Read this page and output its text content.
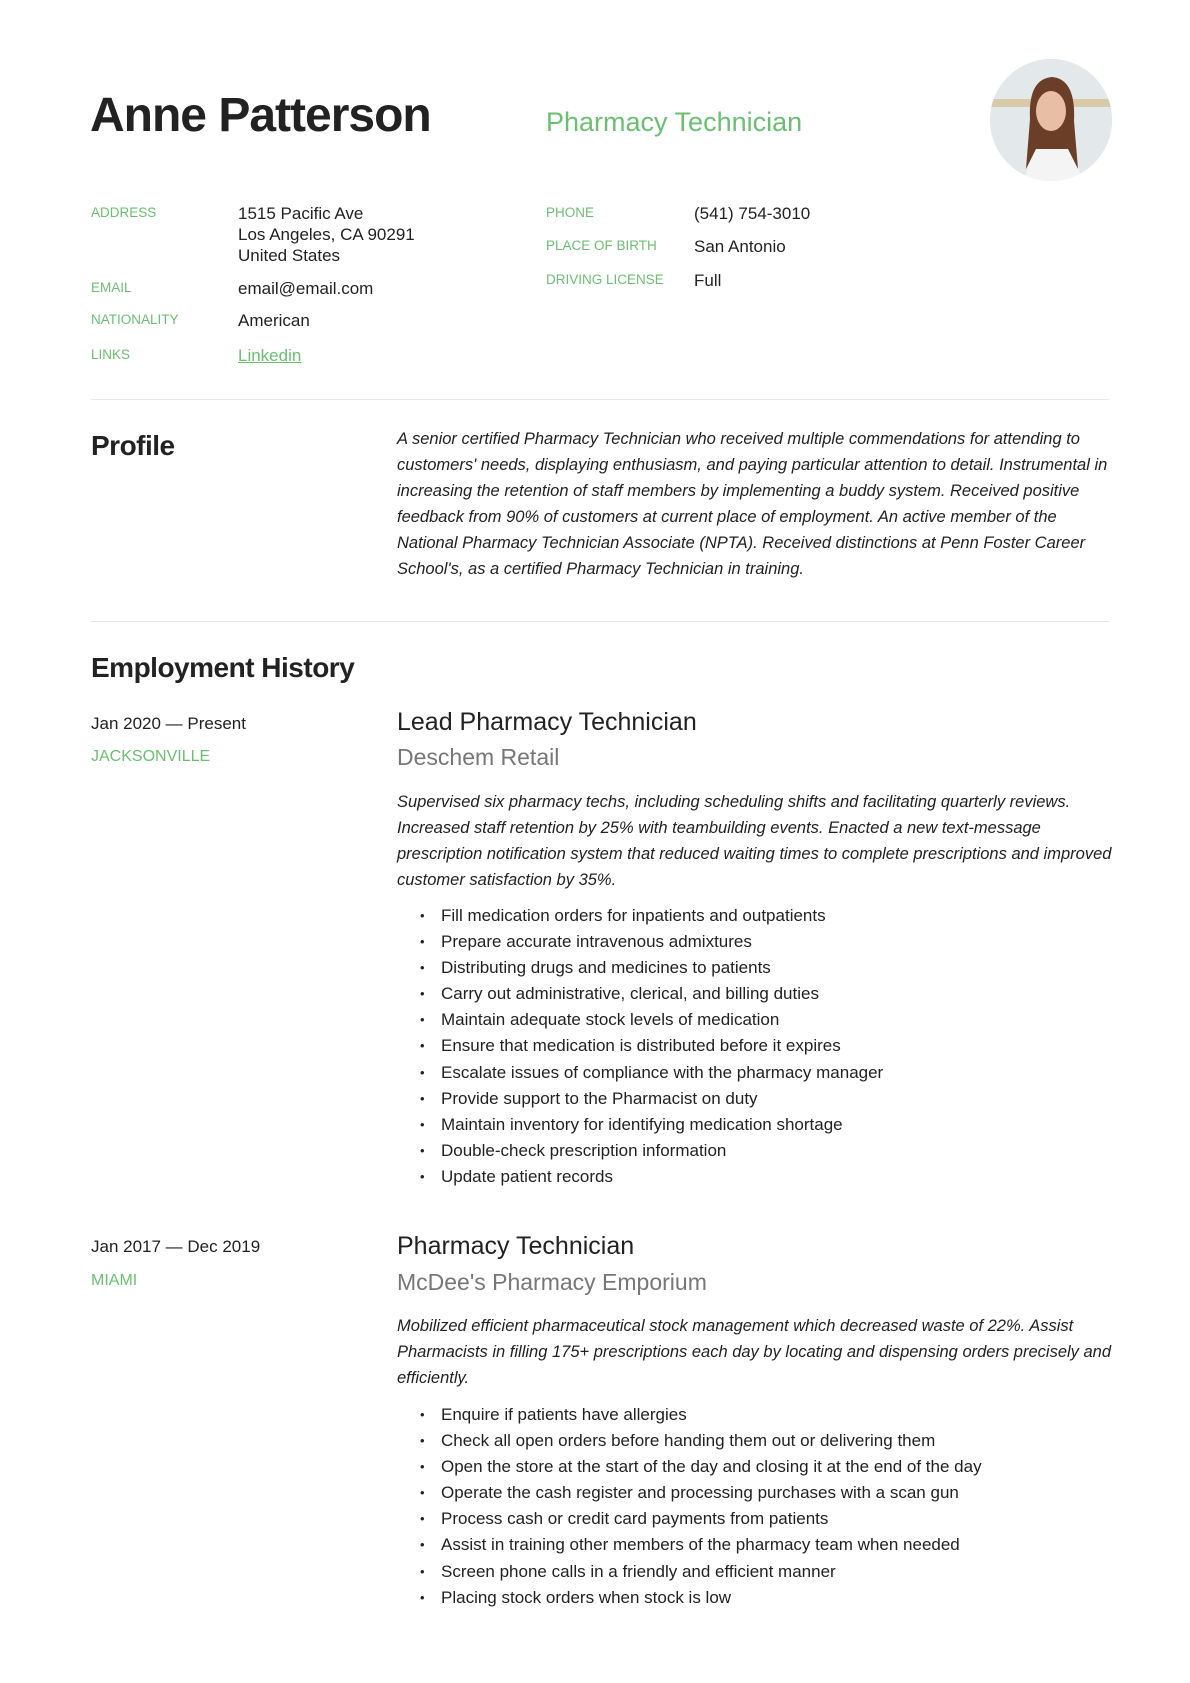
Anne Patterson	Pharmacy Technician
ADDRESS	1515 Pacific Ave
Los Angeles, CA 90291
United States
EMAIL	email@email.com
NATIONALITY	American
LINKS	Linkedin
PHONE	(541) 754-3010
PLACE OF BIRTH San Antonio
DRIVING LICENSE Full
Profile	A senior certified Pharmacy Technician who received multiple commendations for attending to customers' needs, displaying enthusiasm, and paying particular attention to detail. Instrumental in increasing the retention of staff members by implementing a buddy system. Received positive feedback from 90% of customers at current place of employment. An active member of the National Pharmacy Technician Associate (NPTA). Received distinctions at Penn Foster Career School's, as a certified Pharmacy Technician in training.
Employment History
Jan 2020 — Present
JACKSONVILLE
Lead Pharmacy Technician
Deschem Retail
Supervised six pharmacy techs, including scheduling shifts and facilitating quarterly reviews. Increased staff retention by 25% with teambuilding events. Enacted a new text-message prescription notification system that reduced waiting times to complete prescriptions and improved customer satisfaction by 35%.
• Fill medication orders for inpatients and outpatients
• Prepare accurate intravenous admixtures
• Distributing drugs and medicines to patients
• Carry out administrative, clerical, and billing duties
• Maintain adequate stock levels of medication
• Ensure that medication is distributed before it expires
• Escalate issues of compliance with the pharmacy manager
• Provide support to the Pharmacist on duty
• Maintain inventory for identifying medication shortage
• Double-check prescription information
• Update patient records
Jan 2017 — Dec 2019
MIAMI
Pharmacy Technician
McDee's Pharmacy Emporium
Mobilized efficient pharmaceutical stock management which decreased waste of 22%. Assist Pharmacists in filling 175+ prescriptions each day by locating and dispensing orders precisely and efficiently.
• Enquire if patients have allergies
• Check all open orders before handing them out or delivering them
• Open the store at the start of the day and closing it at the end of the day
• Operate the cash register and processing purchases with a scan gun
• Process cash or credit card payments from patients
• Assist in training other members of the pharmacy team when needed
• Screen phone calls in a friendly and efficient manner
• Placing stock orders when stock is low
